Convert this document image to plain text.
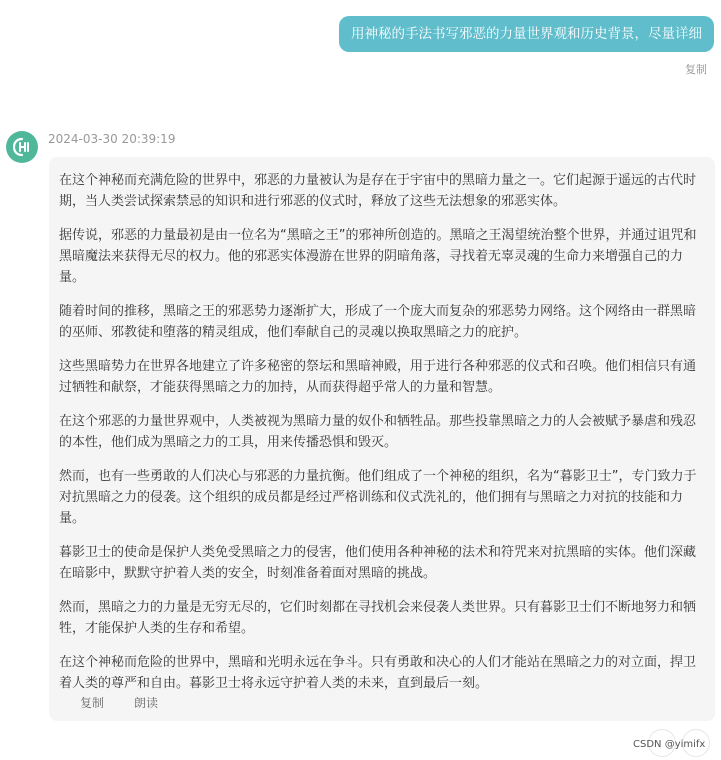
用神秘的手法书写邪恶的力量世界观和历史背景，尽量详细
复制
2024-03-30 20:39:19

在这个神秘而充满危险的世界中，邪恶的力量被认为是存在于宇宙中的黑暗力量之一。它们起源于遥远的古代时期，当人类尝试探索禁忌的知识和进行邪恶的仪式时，释放了这些无法想象的邪恶实体。

据传说，邪恶的力量最初是由一位名为“黑暗之王”的邪神所创造的。黑暗之王渴望统治整个世界，并通过诅咒和黑暗魔法来获得无尽的权力。他的邪恶实体漫游在世界的阴暗角落，寻找着无辜灵魂的生命力来增强自己的力量。

随着时间的推移，黑暗之王的邪恶势力逐渐扩大，形成了一个庞大而复杂的邪恶势力网络。这个网络由一群黑暗的巫师、邪教徒和堕落的精灵组成，他们奉献自己的灵魂以换取黑暗之力的庇护。

这些黑暗势力在世界各地建立了许多秘密的祭坛和黑暗神殿，用于进行各种邪恶的仪式和召唤。他们相信只有通过牺牲和献祭，才能获得黑暗之力的加持，从而获得超乎常人的力量和智慧。

在这个邪恶的力量世界观中，人类被视为黑暗力量的奴仆和牺牲品。那些投靠黑暗之力的人会被赋予暴虐和残忍的本性，他们成为黑暗之力的工具，用来传播恐惧和毁灭。

然而，也有一些勇敢的人们决心与邪恶的力量抗衡。他们组成了一个神秘的组织，名为“暮影卫士”，专门致力于对抗黑暗之力的侵袭。这个组织的成员都是经过严格训练和仪式洗礼的，他们拥有与黑暗之力对抗的技能和力量。

暮影卫士的使命是保护人类免受黑暗之力的侵害，他们使用各种神秘的法术和符咒来对抗黑暗的实体。他们深藏在暗影中，默默守护着人类的安全，时刻准备着面对黑暗的挑战。

然而，黑暗之力的力量是无穷无尽的，它们时刻都在寻找机会来侵袭人类世界。只有暮影卫士们不断地努力和牺牲，才能保护人类的生存和希望。

在这个神秘而危险的世界中，黑暗和光明永远在争斗。只有勇敢和决心的人们才能站在黑暗之力的对立面，捍卫着人类的尊严和自由。暮影卫士将永远守护着人类的未来，直到最后一刻。

复制	朗读
CSDN @yimifx
